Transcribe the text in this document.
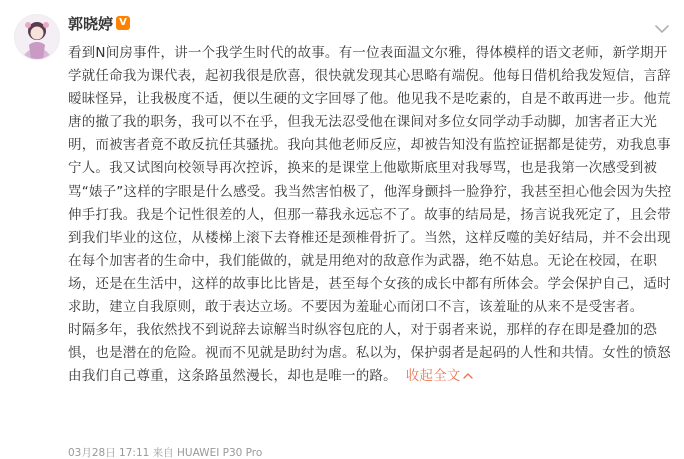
郭晓婷 V

看到N间房事件，讲一个我学生时代的故事。有一位表面温文尔雅，得体模样的语文老师，新学期开学就任命我为课代表，起初我很是欣喜，很快就发现其心思略有端倪。他每日借机给我发短信，言辞暧昧怪异，让我极度不适，便以生硬的文字回辱了他。他见我不是吃素的，自是不敢再进一步。他荒唐的撤了我的职务，我可以不在乎，但我无法忍受他在课间对多位女同学动手动脚，加害者正大光明，而被害者竟不敢反抗任其骚扰。我向其他老师反应，却被告知没有监控证据都是徒劳，劝我息事宁人。我又试图向校领导再次控诉，换来的是课堂上他歇斯底里对我辱骂，也是我第一次感受到被骂“婊子”这样的字眼是什么感受。我当然害怕极了，他浑身颤抖一脸狰狞，我甚至担心他会因为失控伸手打我。我是个记性很差的人，但那一幕我永远忘不了。故事的结局是，扬言说我死定了，且会带到我们毕业的这位，从楼梯上滚下去脊椎还是颈椎骨折了。当然，这样反噬的美好结局，并不会出现在每个加害者的生命中，我们能做的，就是用绝对的敌意作为武器，绝不姑息。无论在校园，在职场，还是在生活中，这样的故事比比皆是，甚至每个女孩的成长中都有所体会。学会保护自己，适时求助，建立自我原则，敢于表达立场。不要因为羞耻心而闭口不言，该羞耻的从来不是受害者。

时隔多年，我依然找不到说辞去谅解当时纵容包庇的人，对于弱者来说，那样的存在即是叠加的恐惧，也是潜在的危险。视而不见就是助纣为虐。私以为，保护弱者是起码的人性和共情。女性的愤怒由我们自己尊重，这条路虽然漫长，却也是唯一的路。 收起全文

03月28日 17:11 来自 HUAWEI P30 Pro
